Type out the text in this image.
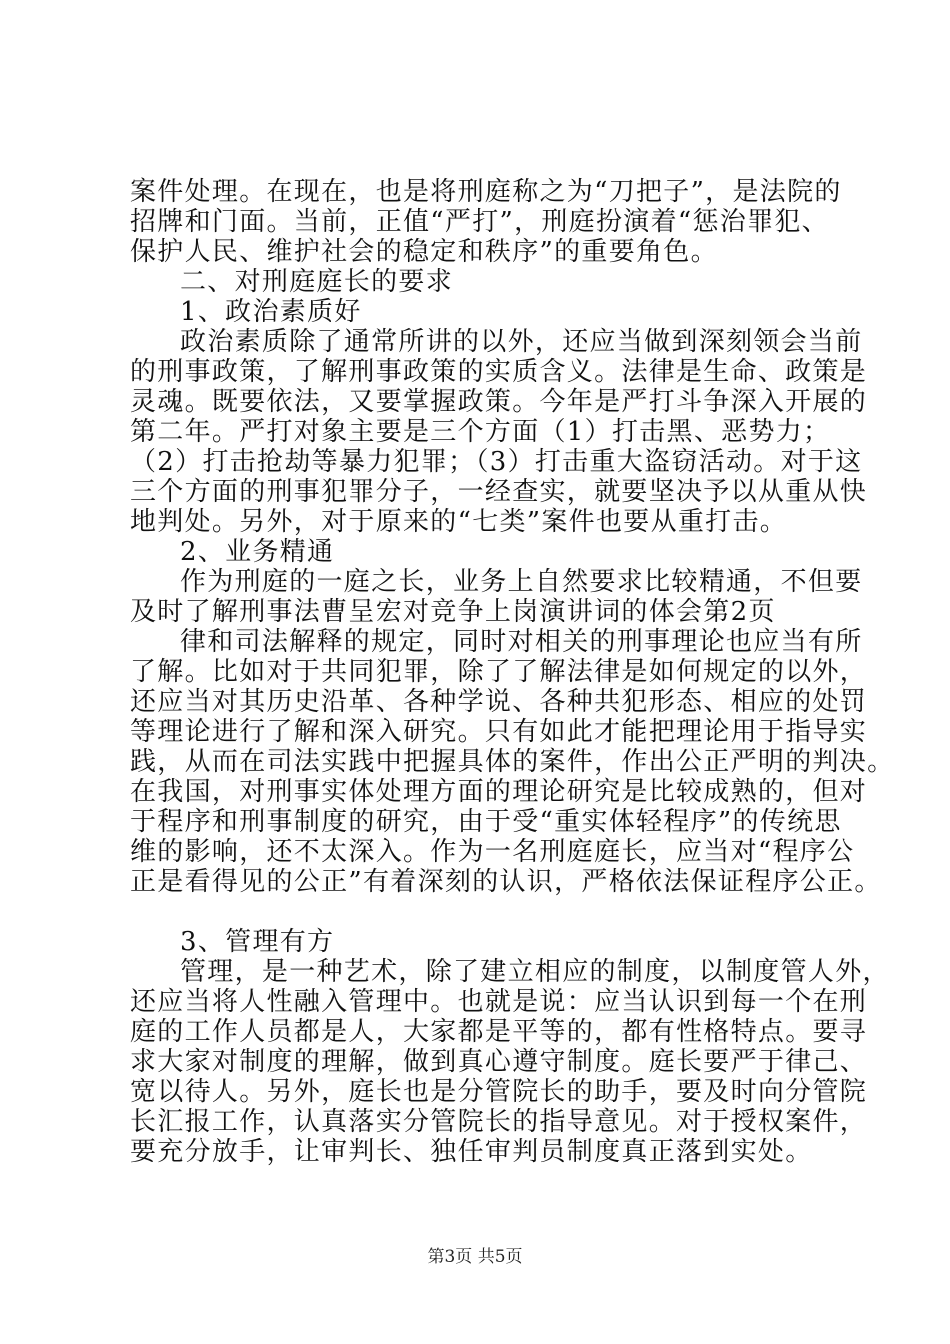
案件处理。在现在，也是将刑庭称之为“刀把子”，是法院的
招牌和门面。当前，正值“严打”，刑庭扮演着“惩治罪犯、
保护人民、维护社会的稳定和秩序”的重要角色。
二、对刑庭庭长的要求
1、政治素质好
政治素质除了通常所讲的以外，还应当做到深刻领会当前
的刑事政策，了解刑事政策的实质含义。法律是生命、政策是
灵魂。既要依法，又要掌握政策。今年是严打斗争深入开展的
第二年。严打对象主要是三个方面（1）打击黑、恶势力；
（2）打击抢劫等暴力犯罪；（3）打击重大盗窃活动。对于这
三个方面的刑事犯罪分子，一经查实，就要坚决予以从重从快
地判处。另外，对于原来的“七类”案件也要从重打击。
2、业务精通
作为刑庭的一庭之长，业务上自然要求比较精通，不但要
及时了解刑事法曹呈宏对竞争上岗演讲词的体会第2页
律和司法解释的规定，同时对相关的刑事理论也应当有所
了解。比如对于共同犯罪，除了了解法律是如何规定的以外，
还应当对其历史沿革、各种学说、各种共犯形态、相应的处罚
等理论进行了解和深入研究。只有如此才能把理论用于指导实
践，从而在司法实践中把握具体的案件，作出公正严明的判决。
在我国，对刑事实体处理方面的理论研究是比较成熟的，但对
于程序和刑事制度的研究，由于受“重实体轻程序”的传统思
维的影响，还不太深入。作为一名刑庭庭长，应当对“程序公
正是看得见的公正”有着深刻的认识，严格依法保证程序公正。
3、管理有方
管理，是一种艺术，除了建立相应的制度，以制度管人外，
还应当将人性融入管理中。也就是说：应当认识到每一个在刑
庭的工作人员都是人，大家都是平等的，都有性格特点。要寻
求大家对制度的理解，做到真心遵守制度。庭长要严于律己、
宽以待人。另外，庭长也是分管院长的助手，要及时向分管院
长汇报工作，认真落实分管院长的指导意见。对于授权案件，
要充分放手，让审判长、独任审判员制度真正落到实处。
第3页 共5页
